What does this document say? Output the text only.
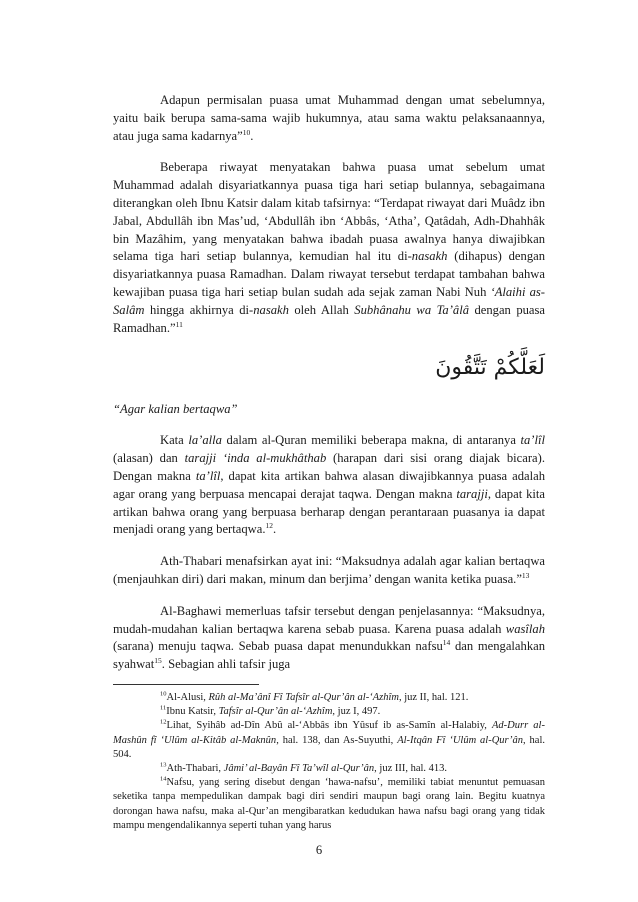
Adapun permisalan puasa umat Muhammad dengan umat sebelumnya, yaitu baik berupa sama-sama wajib hukumnya, atau sama waktu pelaksanaannya, atau juga sama kadarnya”$^{10}$.

Beberapa riwayat menyatakan bahwa puasa umat sebelum umat Muhammad adalah disyariatkannya puasa tiga hari setiap bulannya, sebagaimana diterangkan oleh Ibnu Katsir dalam kitab tafsirnya: “Terdapat riwayat dari Muâdz ibn Jabal, Abdullâh ibn Mas’ud, ‘Abdullâh ibn ‘Abbâs, ‘Atha’, Qatâdah, Adh-Dhahhâk bin Mazâhim, yang menyatakan bahwa ibadah puasa awalnya hanya diwajibkan selama tiga hari setiap bulannya, kemudian hal itu di-nasakh (dihapus) dengan disyariatkannya puasa Ramadhan. Dalam riwayat tersebut terdapat tambahan bahwa kewajiban puasa tiga hari setiap bulan sudah ada sejak zaman Nabi Nuh ‘Alaihi as-Salâm hingga akhirnya di-nasakh oleh Allah Subhânahu wa Ta’âlâ dengan puasa Ramadhan.”$^{11}$

لَعَلَّكُمْ تَتَّقُونَ
“Agar kalian bertaqwa”

Kata la’alla dalam al-Quran memiliki beberapa makna, di antaranya ta’lîl (alasan) dan tarajji ‘inda al-mukhâthab (harapan dari sisi orang diajak bicara). Dengan makna ta’lîl, dapat kita artikan bahwa alasan diwajibkannya puasa adalah agar orang yang berpuasa mencapai derajat taqwa. Dengan makna tarajji, dapat kita artikan bahwa orang yang berpuasa berharap dengan perantaraan puasanya ia dapat menjadi orang yang bertaqwa.$^{12}$.

Ath-Thabari menafsirkan ayat ini: “Maksudnya adalah agar kalian bertaqwa (menjauhkan diri) dari makan, minum dan berjima’ dengan wanita ketika puasa.”$^{13}$

Al-Baghawi memerluas tafsir tersebut dengan penjelasannya: “Maksudnya, mudah-mudahan kalian bertaqwa karena sebab puasa. Karena puasa adalah wasîlah (sarana) menuju taqwa. Sebab puasa dapat menundukkan nafsu$^{14}$ dan mengalahkan syahwat$^{15}$. Sebagian ahli tafsir juga

$^{10}$Al-Alusi, Rûh al-Ma’ânî Fî Tafsîr al-Qur’ân al-‘Azhîm, juz II, hal. 121.

$^{11}$Ibnu Katsir, Tafsîr al-Qur’ân al-‘Azhîm, juz I, 497.

$^{12}$Lihat, Syihâb ad-Dîn Abû al-‘Abbâs ibn Yûsuf ib as-Samîn al-Halabiy, Ad-Durr al-Mashûn fî ‘Ulûm al-Kitâb al-Maknûn, hal. 138, dan As-Suyuthi, Al-Itqân Fî ‘Ulûm al-Qur’ân, hal. 504.

$^{13}$Ath-Thabari, Jâmi’ al-Bayân Fî Ta’wîl al-Qur’ân, juz III, hal. 413.

$^{14}$Nafsu, yang sering disebut dengan ‘hawa-nafsu’, memiliki tabiat menuntut pemuasan seketika tanpa mempedulikan dampak bagi diri sendiri maupun bagi orang lain. Begitu kuatnya dorongan hawa nafsu, maka al-Qur’an mengibaratkan kedudukan hawa nafsu bagi orang yang tidak mampu mengendalikannya seperti tuhan yang harus

6
